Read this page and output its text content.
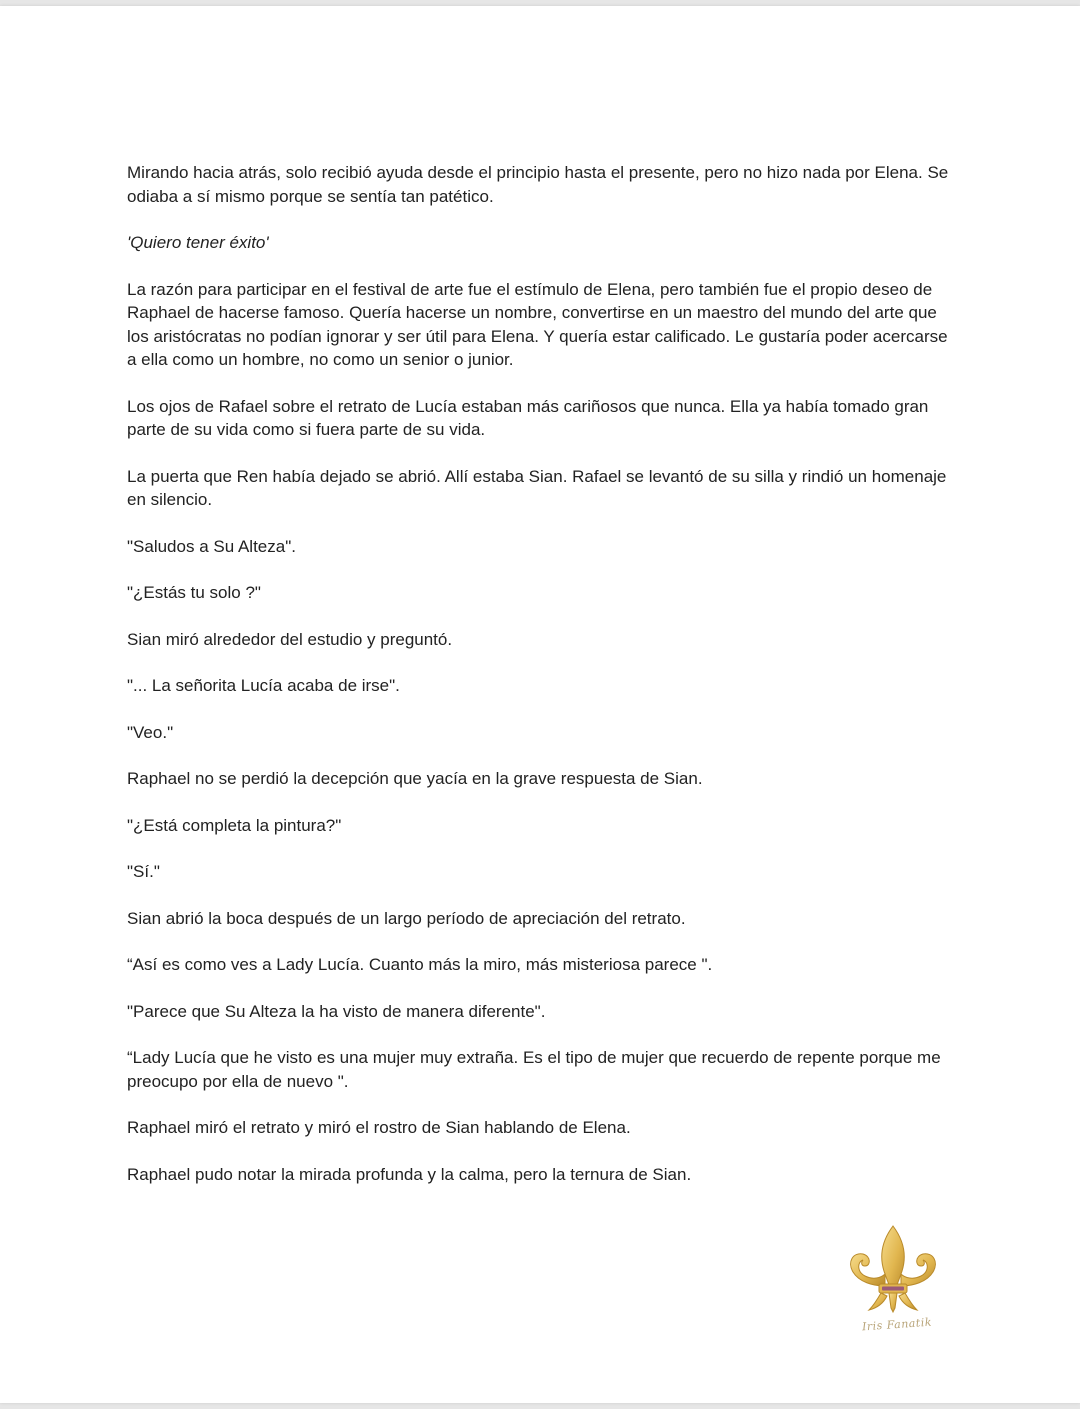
Mirando hacia atrás, solo recibió ayuda desde el principio hasta el presente, pero no hizo nada por Elena. Se odiaba a sí mismo porque se sentía tan patético.

'Quiero tener éxito'

La razón para participar en el festival de arte fue el estímulo de Elena, pero también fue el propio deseo de Raphael de hacerse famoso. Quería hacerse un nombre, convertirse en un maestro del mundo del arte que los aristócratas no podían ignorar y ser útil para Elena. Y quería estar calificado. Le gustaría poder acercarse a ella como un hombre, no como un senior o junior.

Los ojos de Rafael sobre el retrato de Lucía estaban más cariñosos que nunca. Ella ya había tomado gran parte de su vida como si fuera parte de su vida.

La puerta que Ren había dejado se abrió. Allí estaba Sian. Rafael se levantó de su silla y rindió un homenaje en silencio.

"Saludos a Su Alteza".

"¿Estás tu solo ?"

Sian miró alrededor del estudio y preguntó.

"... La señorita Lucía acaba de irse".

"Veo."

Raphael no se perdió la decepción que yacía en la grave respuesta de Sian.

"¿Está completa la pintura?"

"Sí."

Sian abrió la boca después de un largo período de apreciación del retrato.

“Así es como ves a Lady Lucía. Cuanto más la miro, más misteriosa parece ".

"Parece que Su Alteza la ha visto de manera diferente".

“Lady Lucía que he visto es una mujer muy extraña. Es el tipo de mujer que recuerdo de repente porque me preocupo por ella de nuevo ".

Raphael miró el retrato y miró el rostro de Sian hablando de Elena.

Raphael pudo notar la mirada profunda y la calma, pero la ternura de Sian.

Iris Fanatik
